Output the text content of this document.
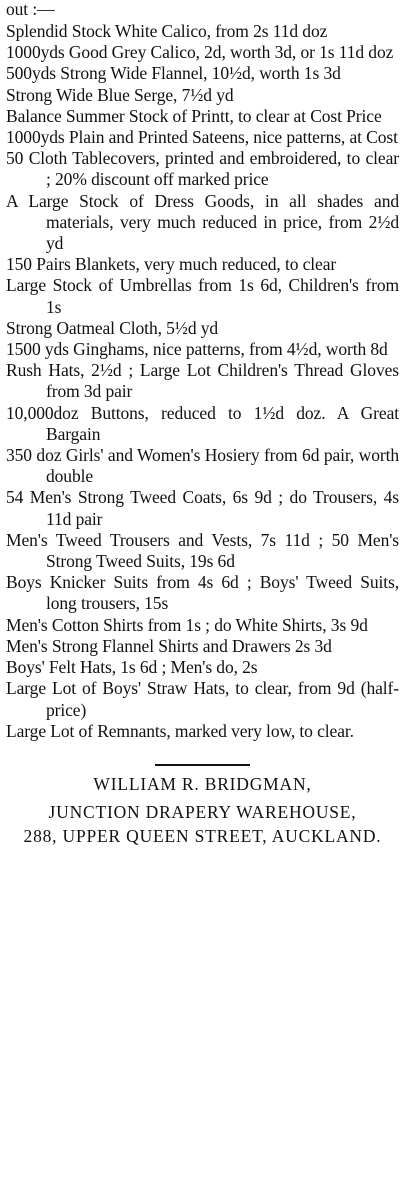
out :—

Splendid Stock White Calico, from 2s 11d doz
1000yds Good Grey Calico, 2d, worth 3d, or 1s 11d doz
500yds Strong Wide Flannel, 10½d, worth 1s 3d
Strong Wide Blue Serge, 7½d yd
Balance Summer Stock of Printt, to clear at Cost Price
1000yds Plain and Printed Sateens, nice patterns, at Cost
50 Cloth Tablecovers, printed and embroidered, to clear ; 20% discount off marked price
A Large Stock of Dress Goods, in all shades and materials, very much reduced in price, from 2½d yd
150 Pairs Blankets, very much reduced, to clear
Large Stock of Umbrellas from 1s 6d, Children's from 1s
Strong Oatmeal Cloth, 5½d yd
1500 yds Ginghams, nice patterns, from 4½d, worth 8d
Rush Hats, 2½d ; Large Lot Children's Thread Gloves from 3d pair
10,000doz Buttons, reduced to 1½d doz. A Great Bargain
350 doz Girls' and Women's Hosiery from 6d pair, worth double
54 Men's Strong Tweed Coats, 6s 9d ; do Trousers, 4s 11d pair
Men's Tweed Trousers and Vests, 7s 11d ; 50 Men's Strong Tweed Suits, 19s 6d
Boys Knicker Suits from 4s 6d ; Boys' Tweed Suits, long trousers, 15s
Men's Cotton Shirts from 1s ; do White Shirts, 3s 9d
Men's Strong Flannel Shirts and Drawers 2s 3d
Boys' Felt Hats, 1s 6d ; Men's do, 2s
Large Lot of Boys' Straw Hats, to clear, from 9d (half-price)
Large Lot of Remnants, marked very low, to clear.
WILLIAM R. BRIDGMAN,
JUNCTION DRAPERY WAREHOUSE,
288, UPPER QUEEN STREET, AUCKLAND.
